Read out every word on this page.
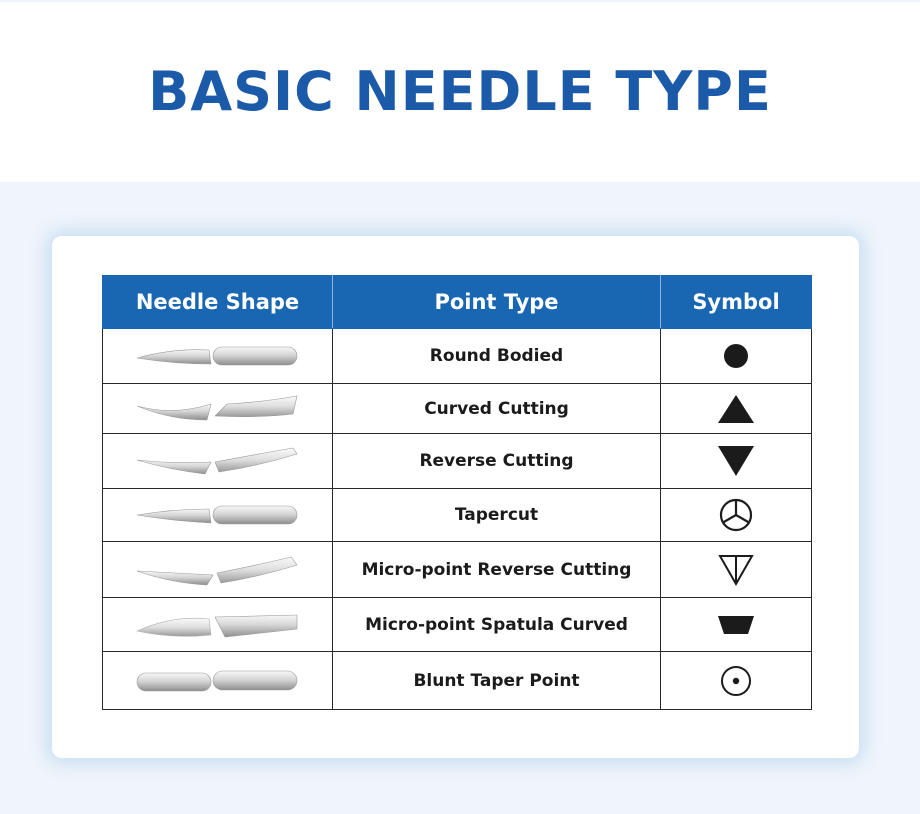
BASIC NEEDLE TYPE
Needle Shape	Point Type	Symbol

	Round Bodied	

	Curved Cutting	

	Reverse Cutting	

	Tapercut	

	Micro-point Reverse Cutting	

	Micro-point Spatula Curved	

	Blunt Taper Point	
